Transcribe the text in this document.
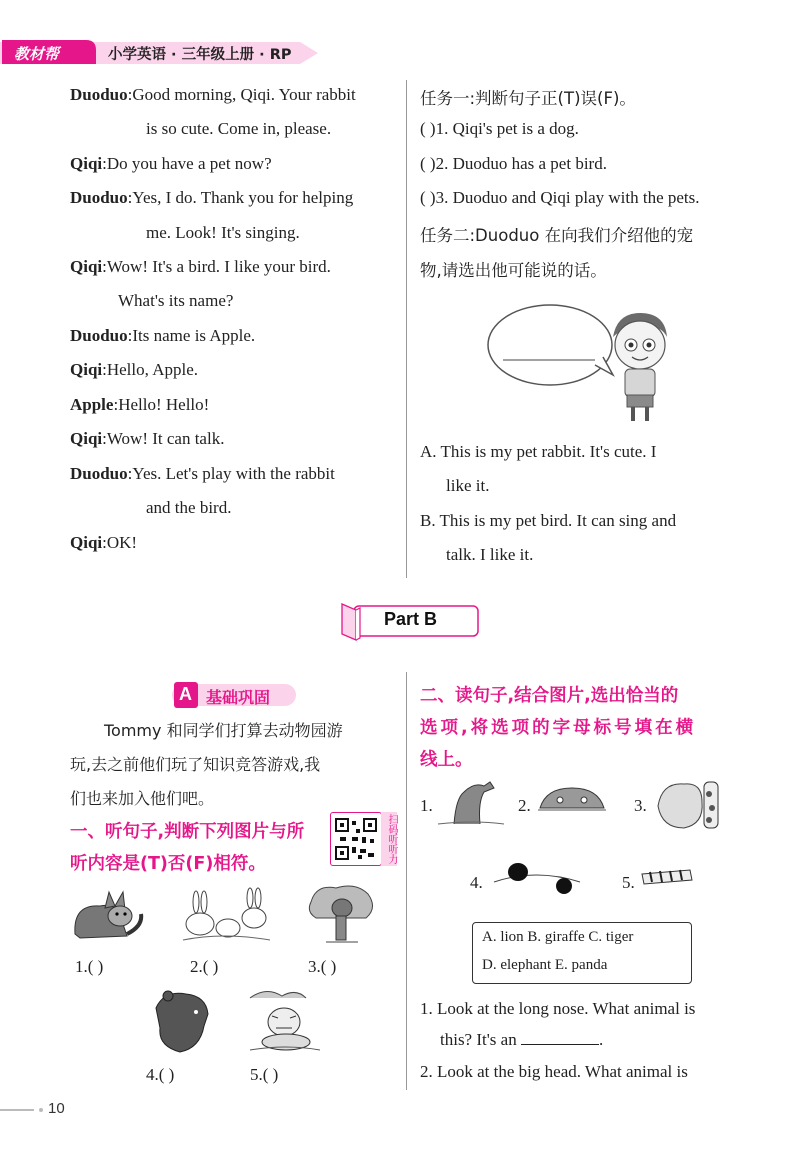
教材帮	小学英语 · 三年级上册 · RP
Duoduo:Good morning, Qiqi. Your rabbit
is so cute. Come in, please.
Qiqi:Do you have a pet now?
Duoduo:Yes, I do. Thank you for helping
me. Look! It's singing.
Qiqi:Wow! It's a bird. I like your bird.
What's its name?
Duoduo:Its name is Apple.
Qiqi:Hello, Apple.
Apple:Hello! Hello!
Qiqi:Wow! It can talk.
Duoduo:Yes. Let's play with the rabbit
and the bird.
Qiqi:OK!
任务一:判断句子正(T)误(F)。
( )1. Qiqi's pet is a dog.
( )2. Duoduo has a pet bird.
( )3. Duoduo and Qiqi play with the pets.
任务二:Duoduo 在向我们介绍他的宠
物,请选出他可能说的话。
A. This is my pet rabbit. It's cute. I
like it.
B. This is my pet bird. It can sing and
talk. I like it.
Part B
A 基础巩固
Tommy 和同学们打算去动物园游
玩,去之前他们玩了知识竞答游戏,我
们也来加入他们吧。
一、听句子,判断下列图片与所
听内容是(T)否(F)相符。	扫码听听力
1.( )	2.( )	3.( )
4.( )	5.( )
二、读句子,结合图片,选出恰当的
选项,将选项的字母标号填在横
线上。
1.	2.	3.
4.	5.
A. lion B. giraffe C. tiger
D. elephant E. panda
1. Look at the long nose. What animal is
this? It's an	.
2. Look at the big head. What animal is
10
